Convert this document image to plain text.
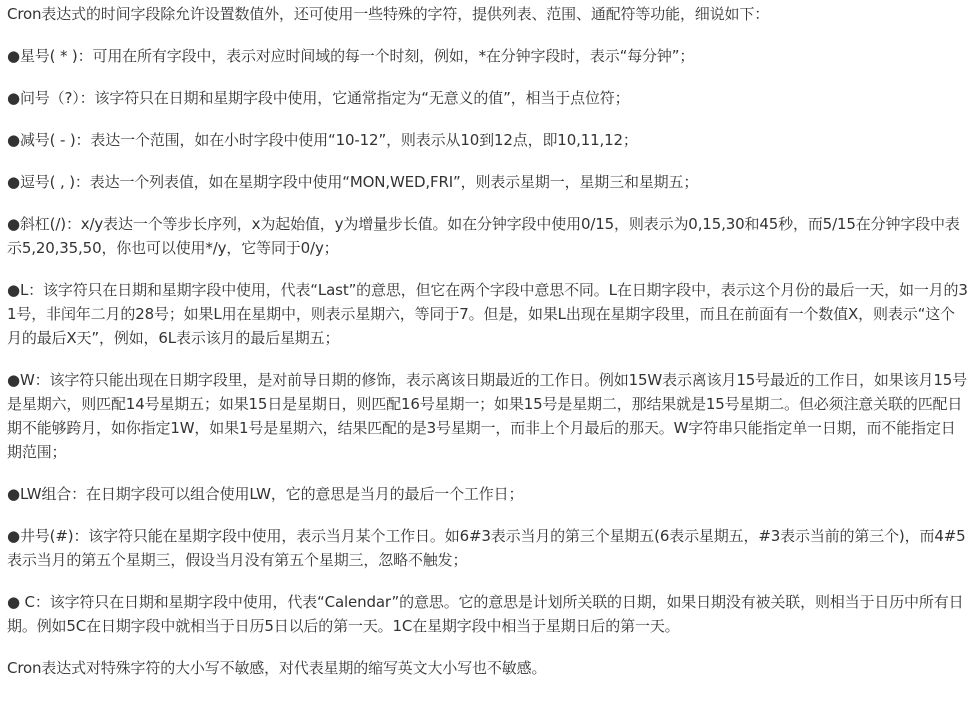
Cron表达式的时间字段除允许设置数值外，还可使用一些特殊的字符，提供列表、范围、通配符等功能，细说如下：

●星号( * )：可用在所有字段中，表示对应时间域的每一个时刻，例如，*在分钟字段时，表示“每分钟”；

●问号（?）：该字符只在日期和星期字段中使用，它通常指定为“无意义的值”，相当于点位符；

●减号( - )：表达一个范围，如在小时字段中使用“10-12”，则表示从10到12点，即10,11,12；

●逗号( , )：表达一个列表值，如在星期字段中使用“MON,WED,FRI”，则表示星期一，星期三和星期五；

●斜杠(/)：x/y表达一个等步长序列，x为起始值，y为增量步长值。如在分钟字段中使用0/15，则表示为0,15,30和45秒，而5/15在分钟字段中表示5,20,35,50，你也可以使用*/y，它等同于0/y；

●L：该字符只在日期和星期字段中使用，代表“Last”的意思，但它在两个字段中意思不同。L在日期字段中，表示这个月份的最后一天，如一月的31号，非闰年二月的28号；如果L用在星期中，则表示星期六，等同于7。但是，如果L出现在星期字段里，而且在前面有一个数值X，则表示“这个月的最后X天”，例如，6L表示该月的最后星期五；

●W：该字符只能出现在日期字段里，是对前导日期的修饰，表示离该日期最近的工作日。例如15W表示离该月15号最近的工作日，如果该月15号是星期六，则匹配14号星期五；如果15日是星期日，则匹配16号星期一；如果15号是星期二，那结果就是15号星期二。但必须注意关联的匹配日期不能够跨月，如你指定1W，如果1号是星期六，结果匹配的是3号星期一，而非上个月最后的那天。W字符串只能指定单一日期，而不能指定日期范围；

●LW组合：在日期字段可以组合使用LW，它的意思是当月的最后一个工作日；

●井号(#)：该字符只能在星期字段中使用，表示当月某个工作日。如6#3表示当月的第三个星期五(6表示星期五，#3表示当前的第三个)，而4#5表示当月的第五个星期三，假设当月没有第五个星期三，忽略不触发；

● C：该字符只在日期和星期字段中使用，代表“Calendar”的意思。它的意思是计划所关联的日期，如果日期没有被关联，则相当于日历中所有日期。例如5C在日期字段中就相当于日历5日以后的第一天。1C在星期字段中相当于星期日后的第一天。

Cron表达式对特殊字符的大小写不敏感，对代表星期的缩写英文大小写也不敏感。
